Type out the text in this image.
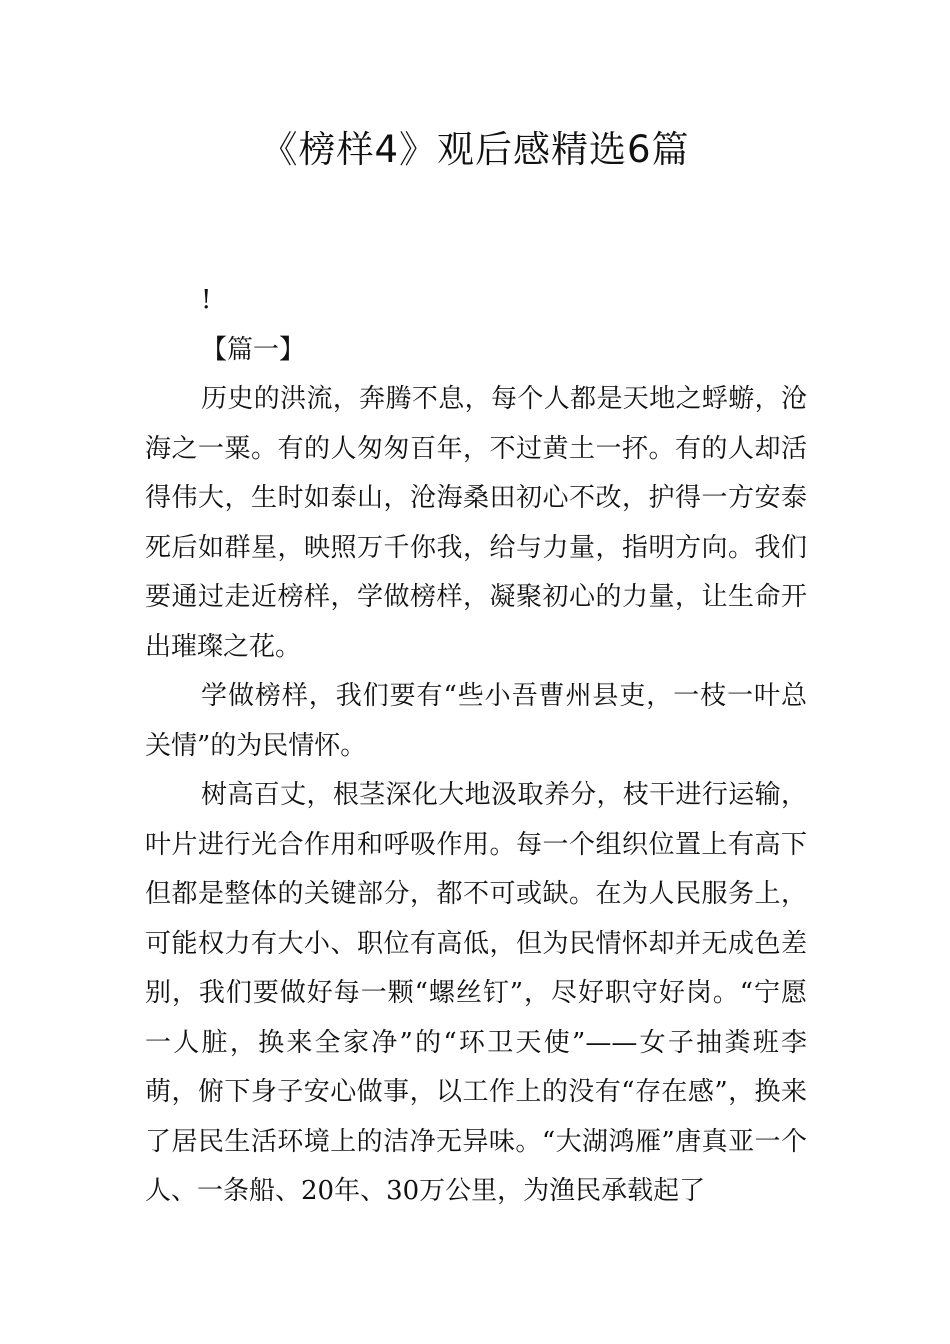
《榜样4》观后感精选6篇

!

【篇一】

历史的洪流，奔腾不息，每个人都是天地之蜉蝣，沧海之一粟。有的人匆匆百年，不过黄土一抔。有的人却活得伟大，生时如泰山，沧海桑田初心不改，护得一方安泰死后如群星，映照万千你我，给与力量，指明方向。我们要通过走近榜样，学做榜样，凝聚初心的力量，让生命开出璀璨之花。

学做榜样，我们要有“些小吾曹州县吏，一枝一叶总关情”的为民情怀。

树高百丈，根茎深化大地汲取养分，枝干进行运输，叶片进行光合作用和呼吸作用。每一个组织位置上有高下但都是整体的关键部分，都不可或缺。在为人民服务上，可能权力有大小、职位有高低，但为民情怀却并无成色差别，我们要做好每一颗“螺丝钉”，尽好职守好岗。“宁愿一人脏，换来全家净”的“环卫天使”——女子抽粪班李萌，俯下身子安心做事，以工作上的没有“存在感”，换来了居民生活环境上的洁净无异味。“大湖鸿雁”唐真亚一个人、一条船、20年、30万公里，为渔民承载起了
